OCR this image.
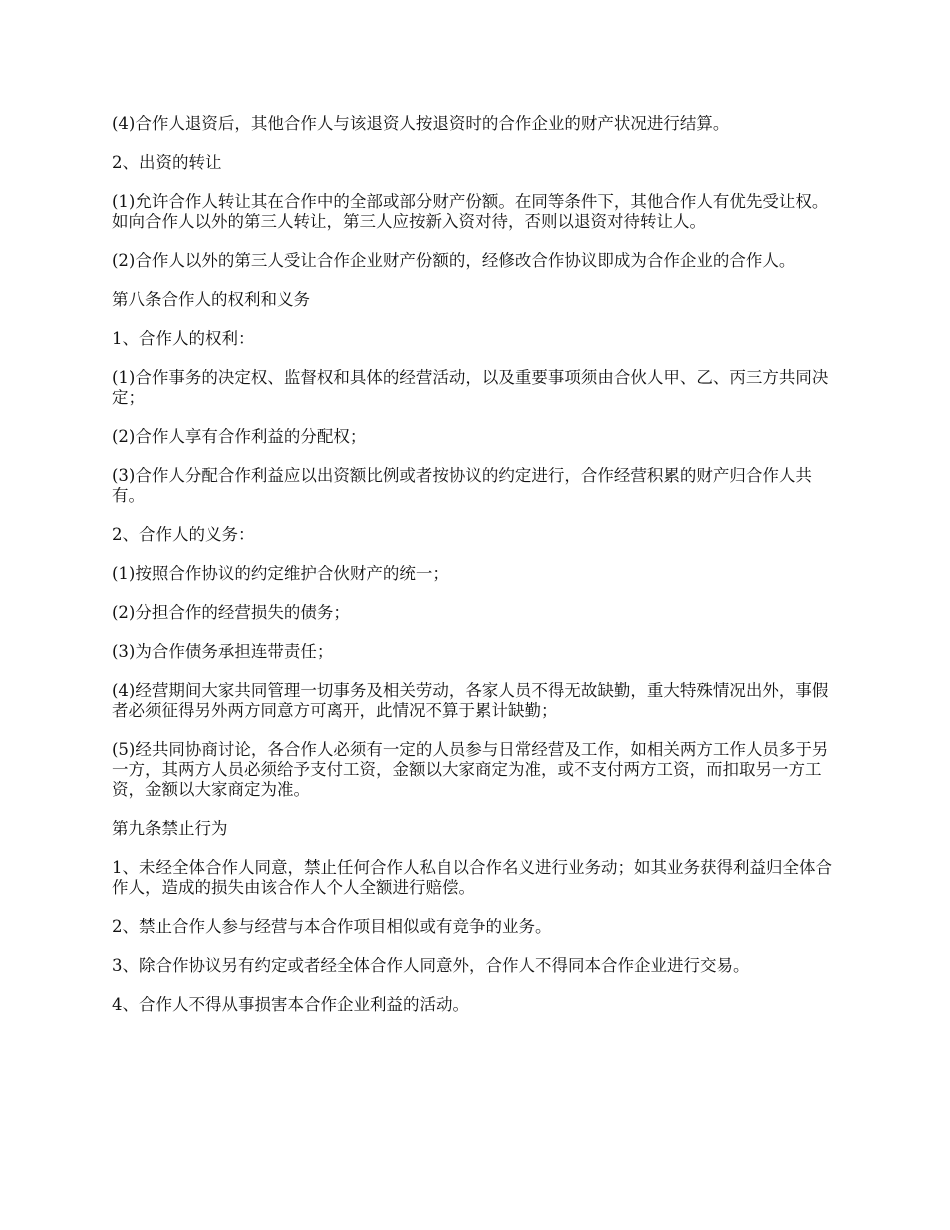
(4)合作人退资后，其他合作人与该退资人按退资时的合作企业的财产状况进行结算。

2、出资的转让

(1)允许合作人转让其在合作中的全部或部分财产份额。在同等条件下，其他合作人有优先受让权。如向合作人以外的第三人转让，第三人应按新入资对待，否则以退资对待转让人。

(2)合作人以外的第三人受让合作企业财产份额的，经修改合作协议即成为合作企业的合作人。

第八条合作人的权利和义务

1、合作人的权利：

(1)合作事务的决定权、监督权和具体的经营活动，以及重要事项须由合伙人甲、乙、丙三方共同决定；

(2)合作人享有合作利益的分配权；

(3)合作人分配合作利益应以出资额比例或者按协议的约定进行，合作经营积累的财产归合作人共有。

2、合作人的义务：

(1)按照合作协议的约定维护合伙财产的统一；

(2)分担合作的经营损失的债务；

(3)为合作债务承担连带责任；

(4)经营期间大家共同管理一切事务及相关劳动，各家人员不得无故缺勤，重大特殊情况出外，事假者必须征得另外两方同意方可离开，此情况不算于累计缺勤；

(5)经共同协商讨论，各合作人必须有一定的人员参与日常经营及工作，如相关两方工作人员多于另一方，其两方人员必须给予支付工资，金额以大家商定为准，或不支付两方工资，而扣取另一方工资，金额以大家商定为准。

第九条禁止行为

1、未经全体合作人同意，禁止任何合作人私自以合作名义进行业务动；如其业务获得利益归全体合作人，造成的损失由该合作人个人全额进行赔偿。

2、禁止合作人参与经营与本合作项目相似或有竞争的业务。

3、除合作协议另有约定或者经全体合作人同意外，合作人不得同本合作企业进行交易。

4、合作人不得从事损害本合作企业利益的活动。
